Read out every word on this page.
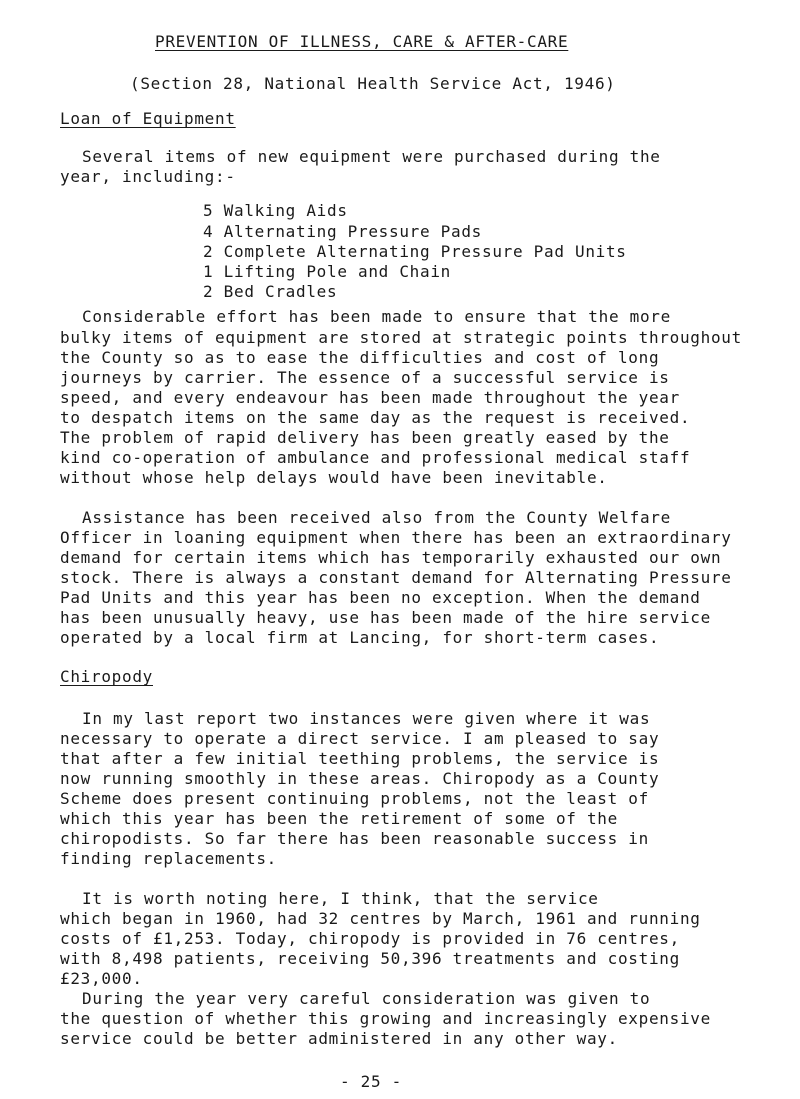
PREVENTION OF ILLNESS, CARE & AFTER-CARE
(Section 28, National Health Service Act, 1946)
Loan of Equipment
Several items of new equipment were purchased during the
year, including:-
5 Walking Aids
4 Alternating Pressure Pads
2 Complete Alternating Pressure Pad Units
1 Lifting Pole and Chain
2 Bed Cradles
Considerable effort has been made to ensure that the more
bulky items of equipment are stored at strategic points throughout
the County so as to ease the difficulties and cost of long
journeys by carrier. The essence of a successful service is
speed, and every endeavour has been made throughout the year
to despatch items on the same day as the request is received.
The problem of rapid delivery has been greatly eased by the
kind co-operation of ambulance and professional medical staff
without whose help delays would have been inevitable.
Assistance has been received also from the County Welfare
Officer in loaning equipment when there has been an extraordinary
demand for certain items which has temporarily exhausted our own
stock. There is always a constant demand for Alternating Pressure
Pad Units and this year has been no exception. When the demand
has been unusually heavy, use has been made of the hire service
operated by a local firm at Lancing, for short-term cases.
Chiropody
In my last report two instances were given where it was
necessary to operate a direct service. I am pleased to say
that after a few initial teething problems, the service is
now running smoothly in these areas. Chiropody as a County
Scheme does present continuing problems, not the least of
which this year has been the retirement of some of the
chiropodists. So far there has been reasonable success in
finding replacements.
It is worth noting here, I think, that the service
which began in 1960, had 32 centres by March, 1961 and running
costs of £1,253. Today, chiropody is provided in 76 centres,
with 8,498 patients, receiving 50,396 treatments and costing
£23,000.
During the year very careful consideration was given to
the question of whether this growing and increasingly expensive
service could be better administered in any other way.
- 25 -
